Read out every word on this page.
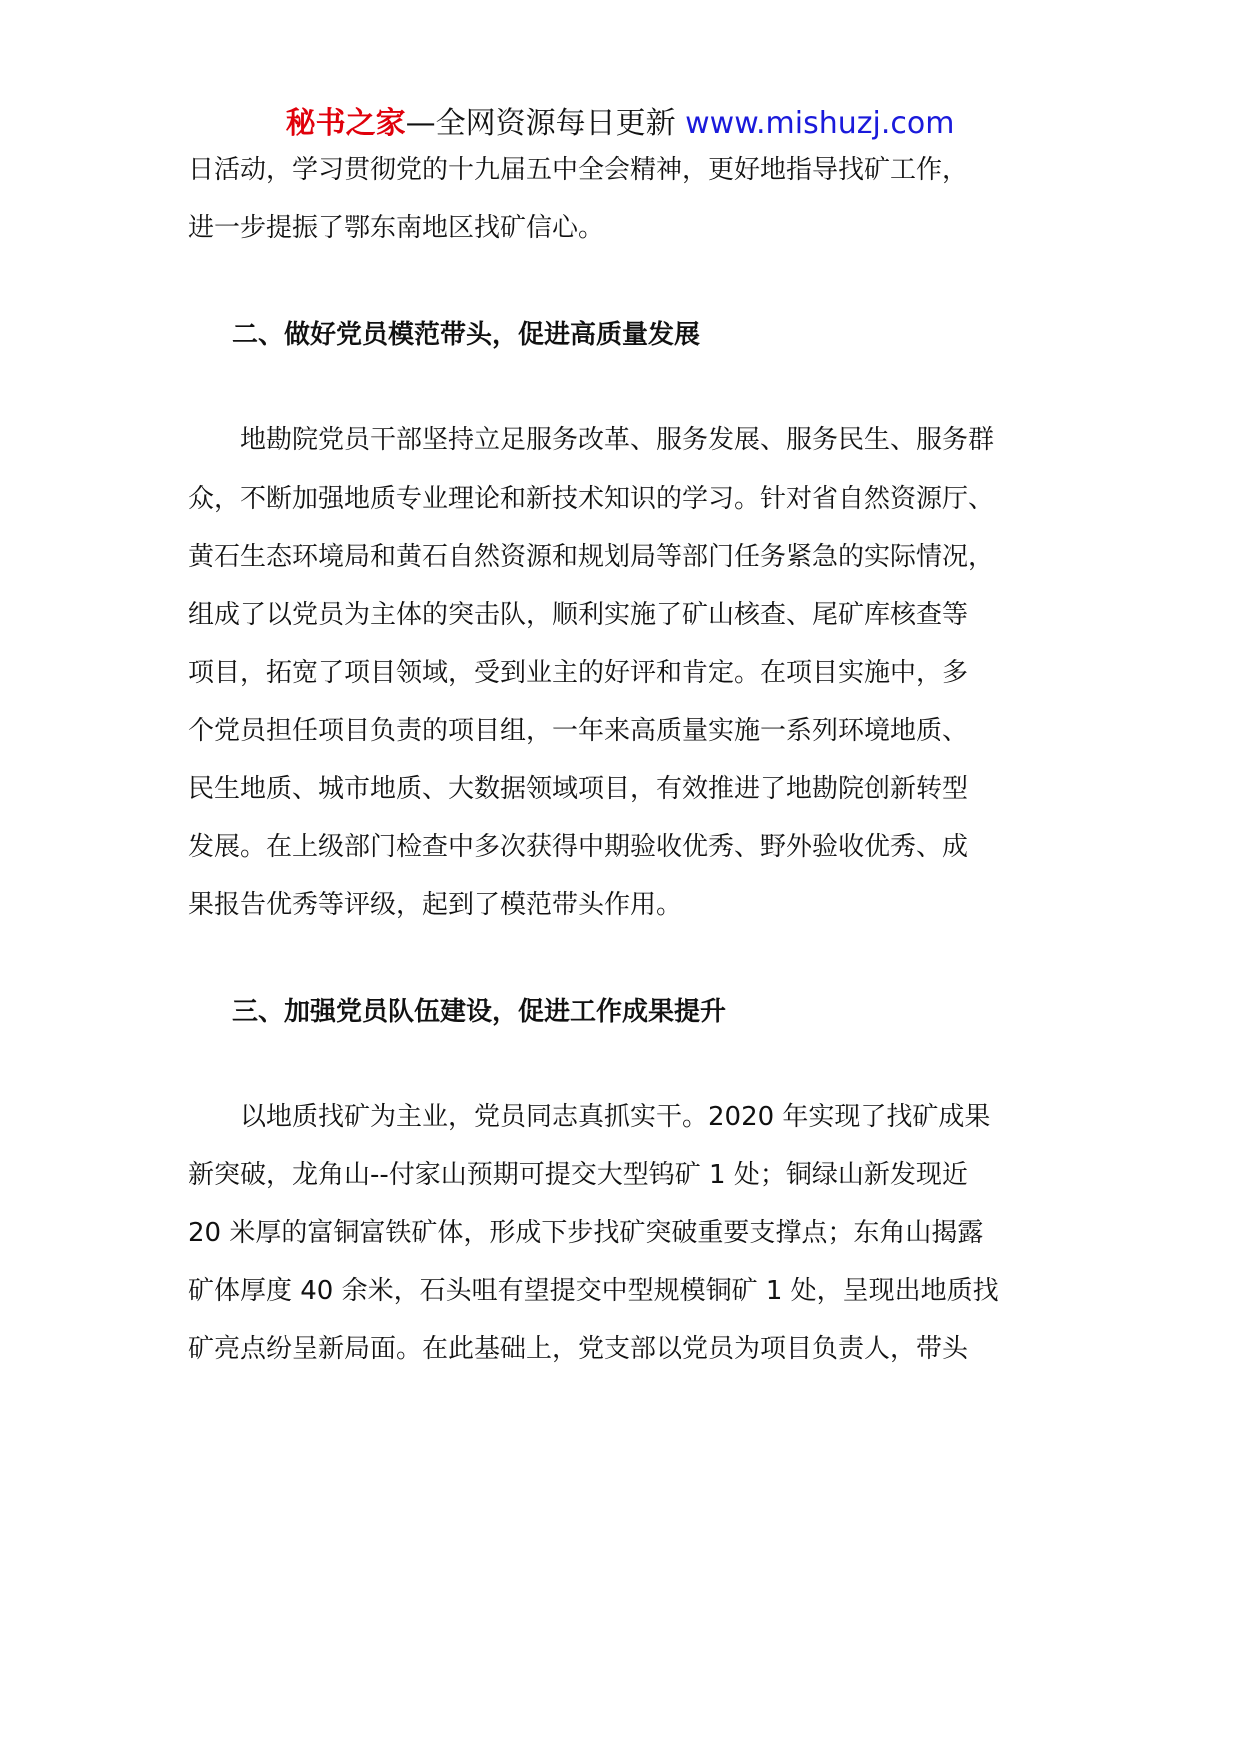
秘书之家—全网资源每日更新 www.mishuzj.com
日活动，学习贯彻党的十九届五中全会精神，更好地指导找矿工作，
进一步提振了鄂东南地区找矿信心。
二、做好党员模范带头，促进高质量发展
　　地勘院党员干部坚持立足服务改革、服务发展、服务民生、服务群
众，不断加强地质专业理论和新技术知识的学习。针对省自然资源厅、
黄石生态环境局和黄石自然资源和规划局等部门任务紧急的实际情况，
组成了以党员为主体的突击队，顺利实施了矿山核查、尾矿库核查等
项目，拓宽了项目领域，受到业主的好评和肯定。在项目实施中，多
个党员担任项目负责的项目组，一年来高质量实施一系列环境地质、
民生地质、城市地质、大数据领域项目，有效推进了地勘院创新转型
发展。在上级部门检查中多次获得中期验收优秀、野外验收优秀、成
果报告优秀等评级，起到了模范带头作用。
三、加强党员队伍建设，促进工作成果提升
　　以地质找矿为主业，党员同志真抓实干。2020 年实现了找矿成果
新突破，龙角山--付家山预期可提交大型钨矿 1 处；铜绿山新发现近
20 米厚的富铜富铁矿体，形成下步找矿突破重要支撑点；东角山揭露
矿体厚度 40 余米，石头咀有望提交中型规模铜矿 1 处，呈现出地质找
矿亮点纷呈新局面。在此基础上，党支部以党员为项目负责人，带头
